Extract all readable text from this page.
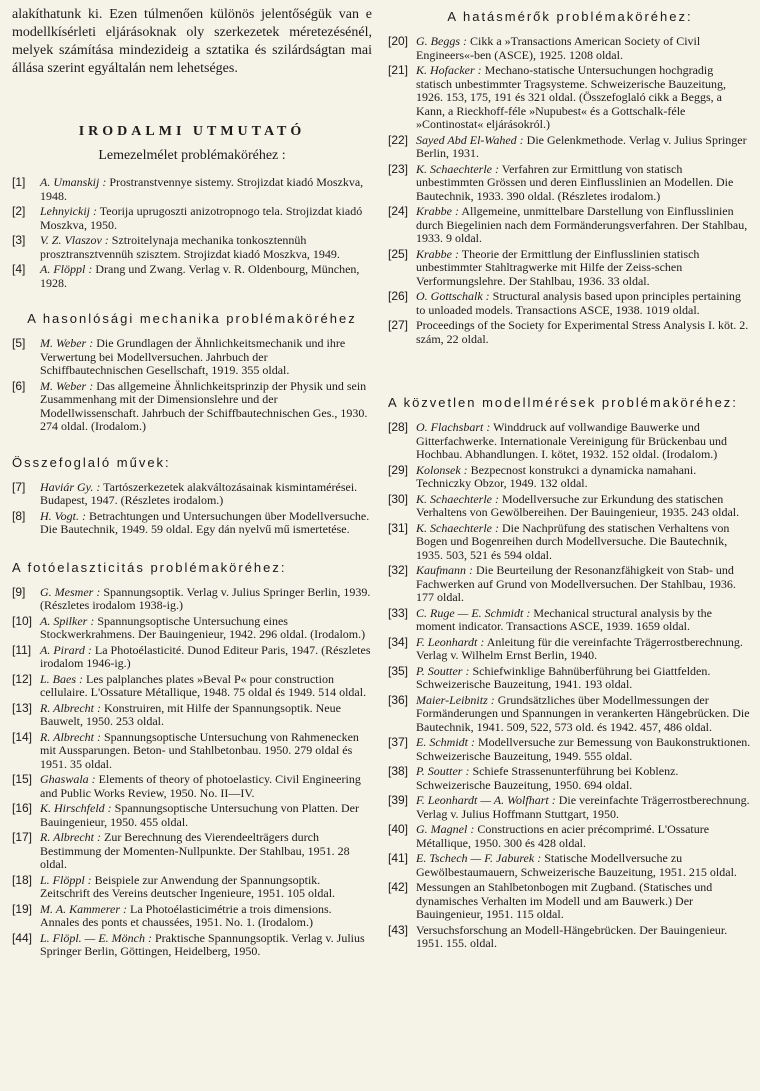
alakíthatunk ki. Ezen túlmenően különös jelentőségük van e modellkísérleti eljárásoknak oly szerkezetek méretezésénél, melyek számítása mindezideig a sztatika és szilárdságtan mai állása szerint egyáltalán nem lehetséges.

IRODALMI UTMUTATÓ
Lemezelmélet problémaköréhez :
[1] A. Umanskij : Prostranstvennye sistemy. Strojizdat kiadó Moszkva, 1948.
[2] Lehnyickij : Teorija uprugoszti anizotropnogo tela. Strojizdat kiadó Moszkva, 1950.
[3] V. Z. Vlaszov : Sztroitelynaja mechanika tonkosztennüh prosztransztvennüh szisztem. Strojizdat kiadó Moszkva, 1949.
[4] A. Flöppl : Drang und Zwang. Verlag v. R. Oldenbourg, München, 1928.
A hasonlósági mechanika problémaköréhez
[5] M. Weber : Die Grundlagen der Ähnlichkeitsmechanik und ihre Verwertung bei Modellversuchen. Jahrbuch der Schiffbautechnischen Gesellschaft, 1919. 355 oldal.
[6] M. Weber : Das allgemeine Ähnlichkeitsprinzip der Physik und sein Zusammenhang mit der Dimensionslehre und der Modellwissenschaft. Jahrbuch der Schiffbautechnischen Ges., 1930. 274 oldal. (Irodalom.)
Összefoglaló művek:
[7] Haviár Gy. : Tartószerkezetek alakváltozásainak kismintamérései. Budapest, 1947. (Részletes irodalom.)
[8] H. Vogt. : Betrachtungen und Untersuchungen über Modellversuche. Die Bautechnik, 1949. 59 oldal. Egy dán nyelvű mű ismertetése.
A fotóelaszticitás problémaköréhez:
[9] G. Mesmer : Spannungsoptik. Verlag v. Julius Springer Berlin, 1939. (Részletes irodalom 1938-ig.)
[10] A. Spilker : Spannungsoptische Untersuchung eines Stockwerkrahmens. Der Bauingenieur, 1942. 296 oldal. (Irodalom.)
[11] A. Pirard : La Photoélasticité. Dunod Editeur Paris, 1947. (Részletes irodalom 1946-ig.)
[12] L. Baes : Les palplanches plates »Beval P« pour construction cellulaire. L'Ossature Métallique, 1948. 75 oldal és 1949. 514 oldal.
[13] R. Albrecht : Konstruiren, mit Hilfe der Spannungsoptik. Neue Bauwelt, 1950. 253 oldal.
[14] R. Albrecht : Spannungsoptische Untersuchung von Rahmenecken mit Aussparungen. Beton- und Stahlbetonbau. 1950. 279 oldal és 1951. 35 oldal.
[15] Ghaswala : Elements of theory of photoelasticy. Civil Engineering and Public Works Review, 1950. No. II—IV.
[16] K. Hirschfeld : Spannungsoptische Untersuchung von Platten. Der Bauingenieur, 1950. 455 oldal.
[17] R. Albrecht : Zur Berechnung des Vierendeelträgers durch Bestimmung der Momenten-Nullpunkte. Der Stahlbau, 1951. 28 oldal.
[18] L. Flöppl : Beispiele zur Anwendung der Spannungsoptik. Zeitschrift des Vereins deutscher Ingenieure, 1951. 105 oldal.
[19] M. A. Kammerer : La Photoélasticimétrie a trois dimensions. Annales des ponts et chaussées, 1951. No. 1. (Irodalom.)
[44] L. Flöpl. — E. Mönch : Praktische Spannungsoptik. Verlag v. Julius Springer Berlin, Göttingen, Heidelberg, 1950.
A hatásmérők problémaköréhez:
[20] G. Beggs : Cikk a »Transactions American Society of Civil Engineers«-ben (ASCE), 1925. 1208 oldal.
[21] K. Hofacker : Mechano-statische Untersuchungen hochgradig statisch unbestimmter Tragsysteme. Schweizerische Bauzeitung, 1926. 153, 175, 191 és 321 oldal. (Összefoglaló cikk a Beggs, a Kann, a Rieckhoff-féle »Nupubest« és a Gottschalk-féle »Continostat« eljárásokról.)
[22] Sayed Abd El-Wahed : Die Gelenkmethode. Verlag v. Julius Springer Berlin, 1931.
[23] K. Schaechterle : Verfahren zur Ermittlung von statisch unbestimmten Grössen und deren Einflusslinien an Modellen. Die Bautechnik, 1933. 390 oldal. (Részletes irodalom.)
[24] Krabbe : Allgemeine, unmittelbare Darstellung von Einflusslinien durch Biegelinien nach dem Formänderungsverfahren. Der Stahlbau, 1933. 9 oldal.
[25] Krabbe : Theorie der Ermittlung der Einflusslinien statisch unbestimmter Stahltragwerke mit Hilfe der Zeiss-schen Verformungslehre. Der Stahlbau, 1936. 33 oldal.
[26] O. Gottschalk : Structural analysis based upon principles pertaining to unloaded models. Transactions ASCE, 1938. 1019 oldal.
[27] Proceedings of the Society for Experimental Stress Analysis I. köt. 2. szám, 22 oldal.
A közvetlen modellmérések problémaköréhez:
[28] O. Flachsbart : Winddruck auf vollwandige Bauwerke und Gitterfachwerke. Internationale Vereinigung für Brückenbau und Hochbau. Abhandlungen. I. kötet, 1932. 152 oldal. (Irodalom.)
[29] Kolonsek : Bezpecnost konstrukci a dynamicka namahani. Techniczky Obzor, 1949. 132 oldal.
[30] K. Schaechterle : Modellversuche zur Erkundung des statischen Verhaltens von Gewölbereihen. Der Bauingenieur, 1935. 243 oldal.
[31] K. Schaechterle : Die Nachprüfung des statischen Verhaltens von Bogen und Bogenreihen durch Modellversuche. Die Bautechnik, 1935. 503, 521 és 594 oldal.
[32] Kaufmann : Die Beurteilung der Resonanzfähigkeit von Stab- und Fachwerken auf Grund von Modellversuchen. Der Stahlbau, 1936. 177 oldal.
[33] C. Ruge — E. Schmidt : Mechanical structural analysis by the moment indicator. Transactions ASCE, 1939. 1659 oldal.
[34] F. Leonhardt : Anleitung für die vereinfachte Trägerrostberechnung. Verlag v. Wilhelm Ernst Berlin, 1940.
[35] P. Soutter : Schiefwinklige Bahnüberführung bei Giattfelden. Schweizerische Bauzeitung, 1941. 193 oldal.
[36] Maier-Leibnitz : Grundsätzliches über Modellmessungen der Formänderungen und Spannungen in verankerten Hängebrücken. Die Bautechnik, 1941. 509, 522, 573 old. és 1942. 457, 486 oldal.
[37] E. Schmidt : Modellversuche zur Bemessung von Baukonstruktionen. Schweizerische Bauzeitung, 1949. 555 oldal.
[38] P. Soutter : Schiefe Strassenunterführung bei Koblenz. Schweizerische Bauzeitung, 1950. 694 oldal.
[39] F. Leonhardt — A. Wolfhart : Die vereinfachte Trägerrostberechnung. Verlag v. Julius Hoffmann Stuttgart, 1950.
[40] G. Magnel : Constructions en acier précomprimé. L'Ossature Métallique, 1950. 300 és 428 oldal.
[41] E. Tschech — F. Jaburek : Statische Modellversuche zu Gewölbestaumauern, Schweizerische Bauzeitung, 1951. 215 oldal.
[42] Messungen an Stahlbetonbogen mit Zugband. (Statisches und dynamisches Verhalten im Modell und am Bauwerk.) Der Bauingenieur, 1951. 115 oldal.
[43] Versuchsforschung an Modell-Hängebrücken. Der Bauingenieur. 1951. 155. oldal.
